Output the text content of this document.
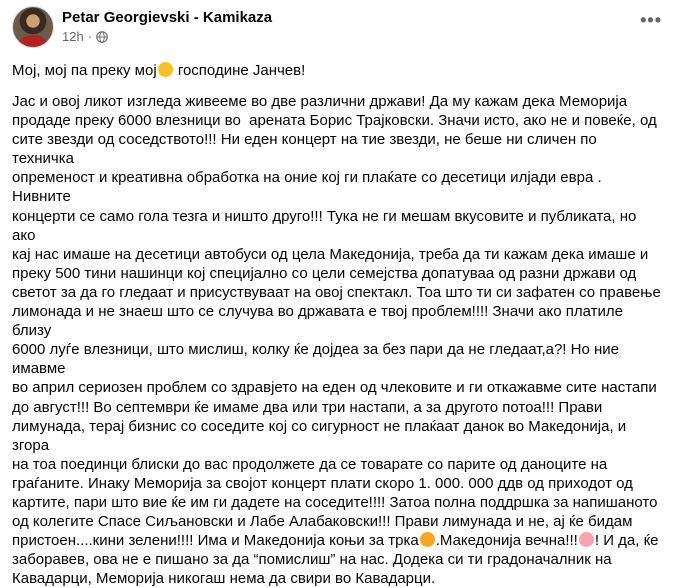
Petar Georgievski - Kamikaza
12h ·
•••
Мој, мој па преку мој господине Јанчев!
Јас и овој ликот изгледа живееме во две различни држави! Да му кажам дека Меморија
продаде преку 6000 влезници во  арената Борис Трајковски. Значи исто, ако не и повеќе, од
сите звезди од соседството!!! Ни еден концерт на тие звезди, не беше ни сличен по техничка
опременост и креативна обработка на оние кој ги плаќате со десетици илјади евра .  Нивните
концерти се само гола тезга и ништо друго!!! Тука не ги мешам вкусовите и публиката, но ако
кај нас имаше на десетици автобуси од цела Македонија, треба да ти кажам дека имаше и
преку 500 тини нашинци кој специјално со цели семејства допатуваа од разни држави од
светот за да го гледаат и присуствуваат на овој спектакл. Тоа што ти си зафатен со правење
лимонада и не знаеш што се случува во државата е твој проблем!!!! Значи ако платиле близу
6000 луѓе влезници, што мислиш, колку ќе дојдеа за без пари да не гледаат,а?! Но ние имавме
во април сериозен проблем со здравјето на еден од члековите и ги откажавме сите настапи
до август!!! Во септември ќе имаме два или три настапи, а за другото потоа!!! Прави
лимунада, терај бизнис со соседите кој со сигурност не плаќаат данок во Македонија, и згора
на тоа поединци блиски до вас продолжете да се товарате со парите од даноците на
граѓаните. Инаку Меморија за својот концерт плати скоро 1. 000. 000 ддв од приходот од
картите, пари што вие ќе им ги дадете на соседите!!!! Затоа полна поддршка за напишаното
од колегите Спасе Сиљановски и Лабе Алабаковски!!! Прави лимунада и не, ај ќе бидам
пристоен....кини зелени!!!! Има и Македонија коњи за трка .Македонија вечна!!! ! И да, ќе
заборавев, ова не е пишано за да “помислиш” на нас. Додека си ти градоначалник на
Кавадарци, Меморија никогаш нема да свири во Кавадарци.
